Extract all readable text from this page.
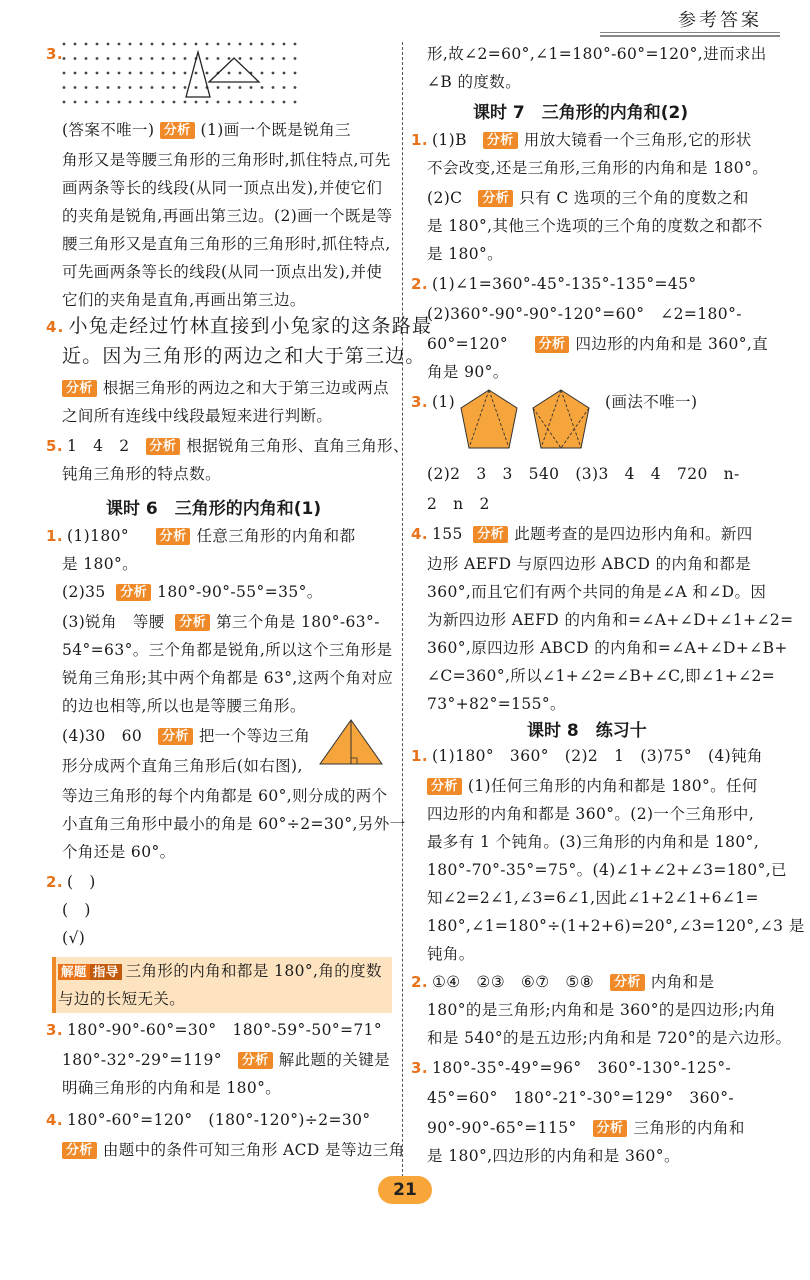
参考答案
3.
(答案不唯一) 分析 (1)画一个既是锐角三
角形又是等腰三角形的三角形时,抓住特点,可先
画两条等长的线段(从同一顶点出发),并使它们
的夹角是锐角,再画出第三边。(2)画一个既是等
腰三角形又是直角三角形的三角形时,抓住特点,
可先画两条等长的线段(从同一顶点出发),并使
它们的夹角是直角,再画出第三边。
4. 小兔走经过竹林直接到小兔家的这条路最
近。因为三角形的两边之和大于第三边。
分析 根据三角形的两边之和大于第三边或两点
之间所有连线中线段最短来进行判断。
5. 1　4　2 分析 根据锐角三角形、直角三角形、
钝角三角形的特点数。
课时 6　三角形的内角和(1)
1. (1)180° 分析 任意三角形的内角和都
是 180°。
(2)35 分析 180°-90°-55°=35°。
(3)锐角　等腰 分析 第三个角是 180°-63°-
54°=63°。三个角都是锐角,所以这个三角形是
锐角三角形;其中两个角都是 63°,这两个角对应
的边也相等,所以也是等腰三角形。
(4)30　60 分析 把一个等边三角
形分成两个直角三角形后(如右图),
等边三角形的每个内角都是 60°,则分成的两个
小直角三角形中最小的角是 60°÷2=30°,另外一
个角还是 60°。
2. (　)
(　)
(√)
解题 指导 三角形的内角和都是 180°,角的度数
与边的长短无关。
3. 180°-90°-60°=30°　180°-59°-50°=71°
180°-32°-29°=119° 分析 解此题的关键是
明确三角形的内角和是 180°。
4. 180°-60°=120°　(180°-120°)÷2=30°
分析 由题中的条件可知三角形 ACD 是等边三角
形,故∠2=60°,∠1=180°-60°=120°,进而求出
∠B 的度数。
课时 7　三角形的内角和(2)
1. (1)B 分析 用放大镜看一个三角形,它的形状
不会改变,还是三角形,三角形的内角和是 180°。
(2)C 分析 只有 C 选项的三个角的度数之和
是 180°,其他三个选项的三个角的度数之和都不
是 180°。
2. (1)∠1=360°-45°-135°-135°=45°
(2)360°-90°-90°-120°=60°　∠2=180°-
60°=120° 分析 四边形的内角和是 360°,直
角是 90°。
3. (1)	(画法不唯一)
(2)2　3　3　540　(3)3　4　4　720　n-
2　n　2
4. 155 分析 此题考查的是四边形内角和。新四
边形 AEFD 与原四边形 ABCD 的内角和都是
360°,而且它们有两个共同的角是∠A 和∠D。因
为新四边形 AEFD 的内角和=∠A+∠D+∠1+∠2=
360°,原四边形 ABCD 的内角和=∠A+∠D+∠B+
∠C=360°,所以∠1+∠2=∠B+∠C,即∠1+∠2=
73°+82°=155°。
课时 8　练习十
1. (1)180°　360°　(2)2　1　(3)75°　(4)钝角
分析 (1)任何三角形的内角和都是 180°。任何
四边形的内角和都是 360°。(2)一个三角形中,
最多有 1 个钝角。(3)三角形的内角和是 180°,
180°-70°-35°=75°。(4)∠1+∠2+∠3=180°,已
知∠2=2∠1,∠3=6∠1,因此∠1+2∠1+6∠1=
180°,∠1=180°÷(1+2+6)=20°,∠3=120°,∠3 是
钝角。
2. ①④　②③　⑥⑦　⑤⑧ 分析 内角和是
180°的是三角形;内角和是 360°的是四边形;内角
和是 540°的是五边形;内角和是 720°的是六边形。
3. 180°-35°-49°=96°　360°-130°-125°-
45°=60°　180°-21°-30°=129°　360°-
90°-90°-65°=115° 分析 三角形的内角和
是 180°,四边形的内角和是 360°。
21
